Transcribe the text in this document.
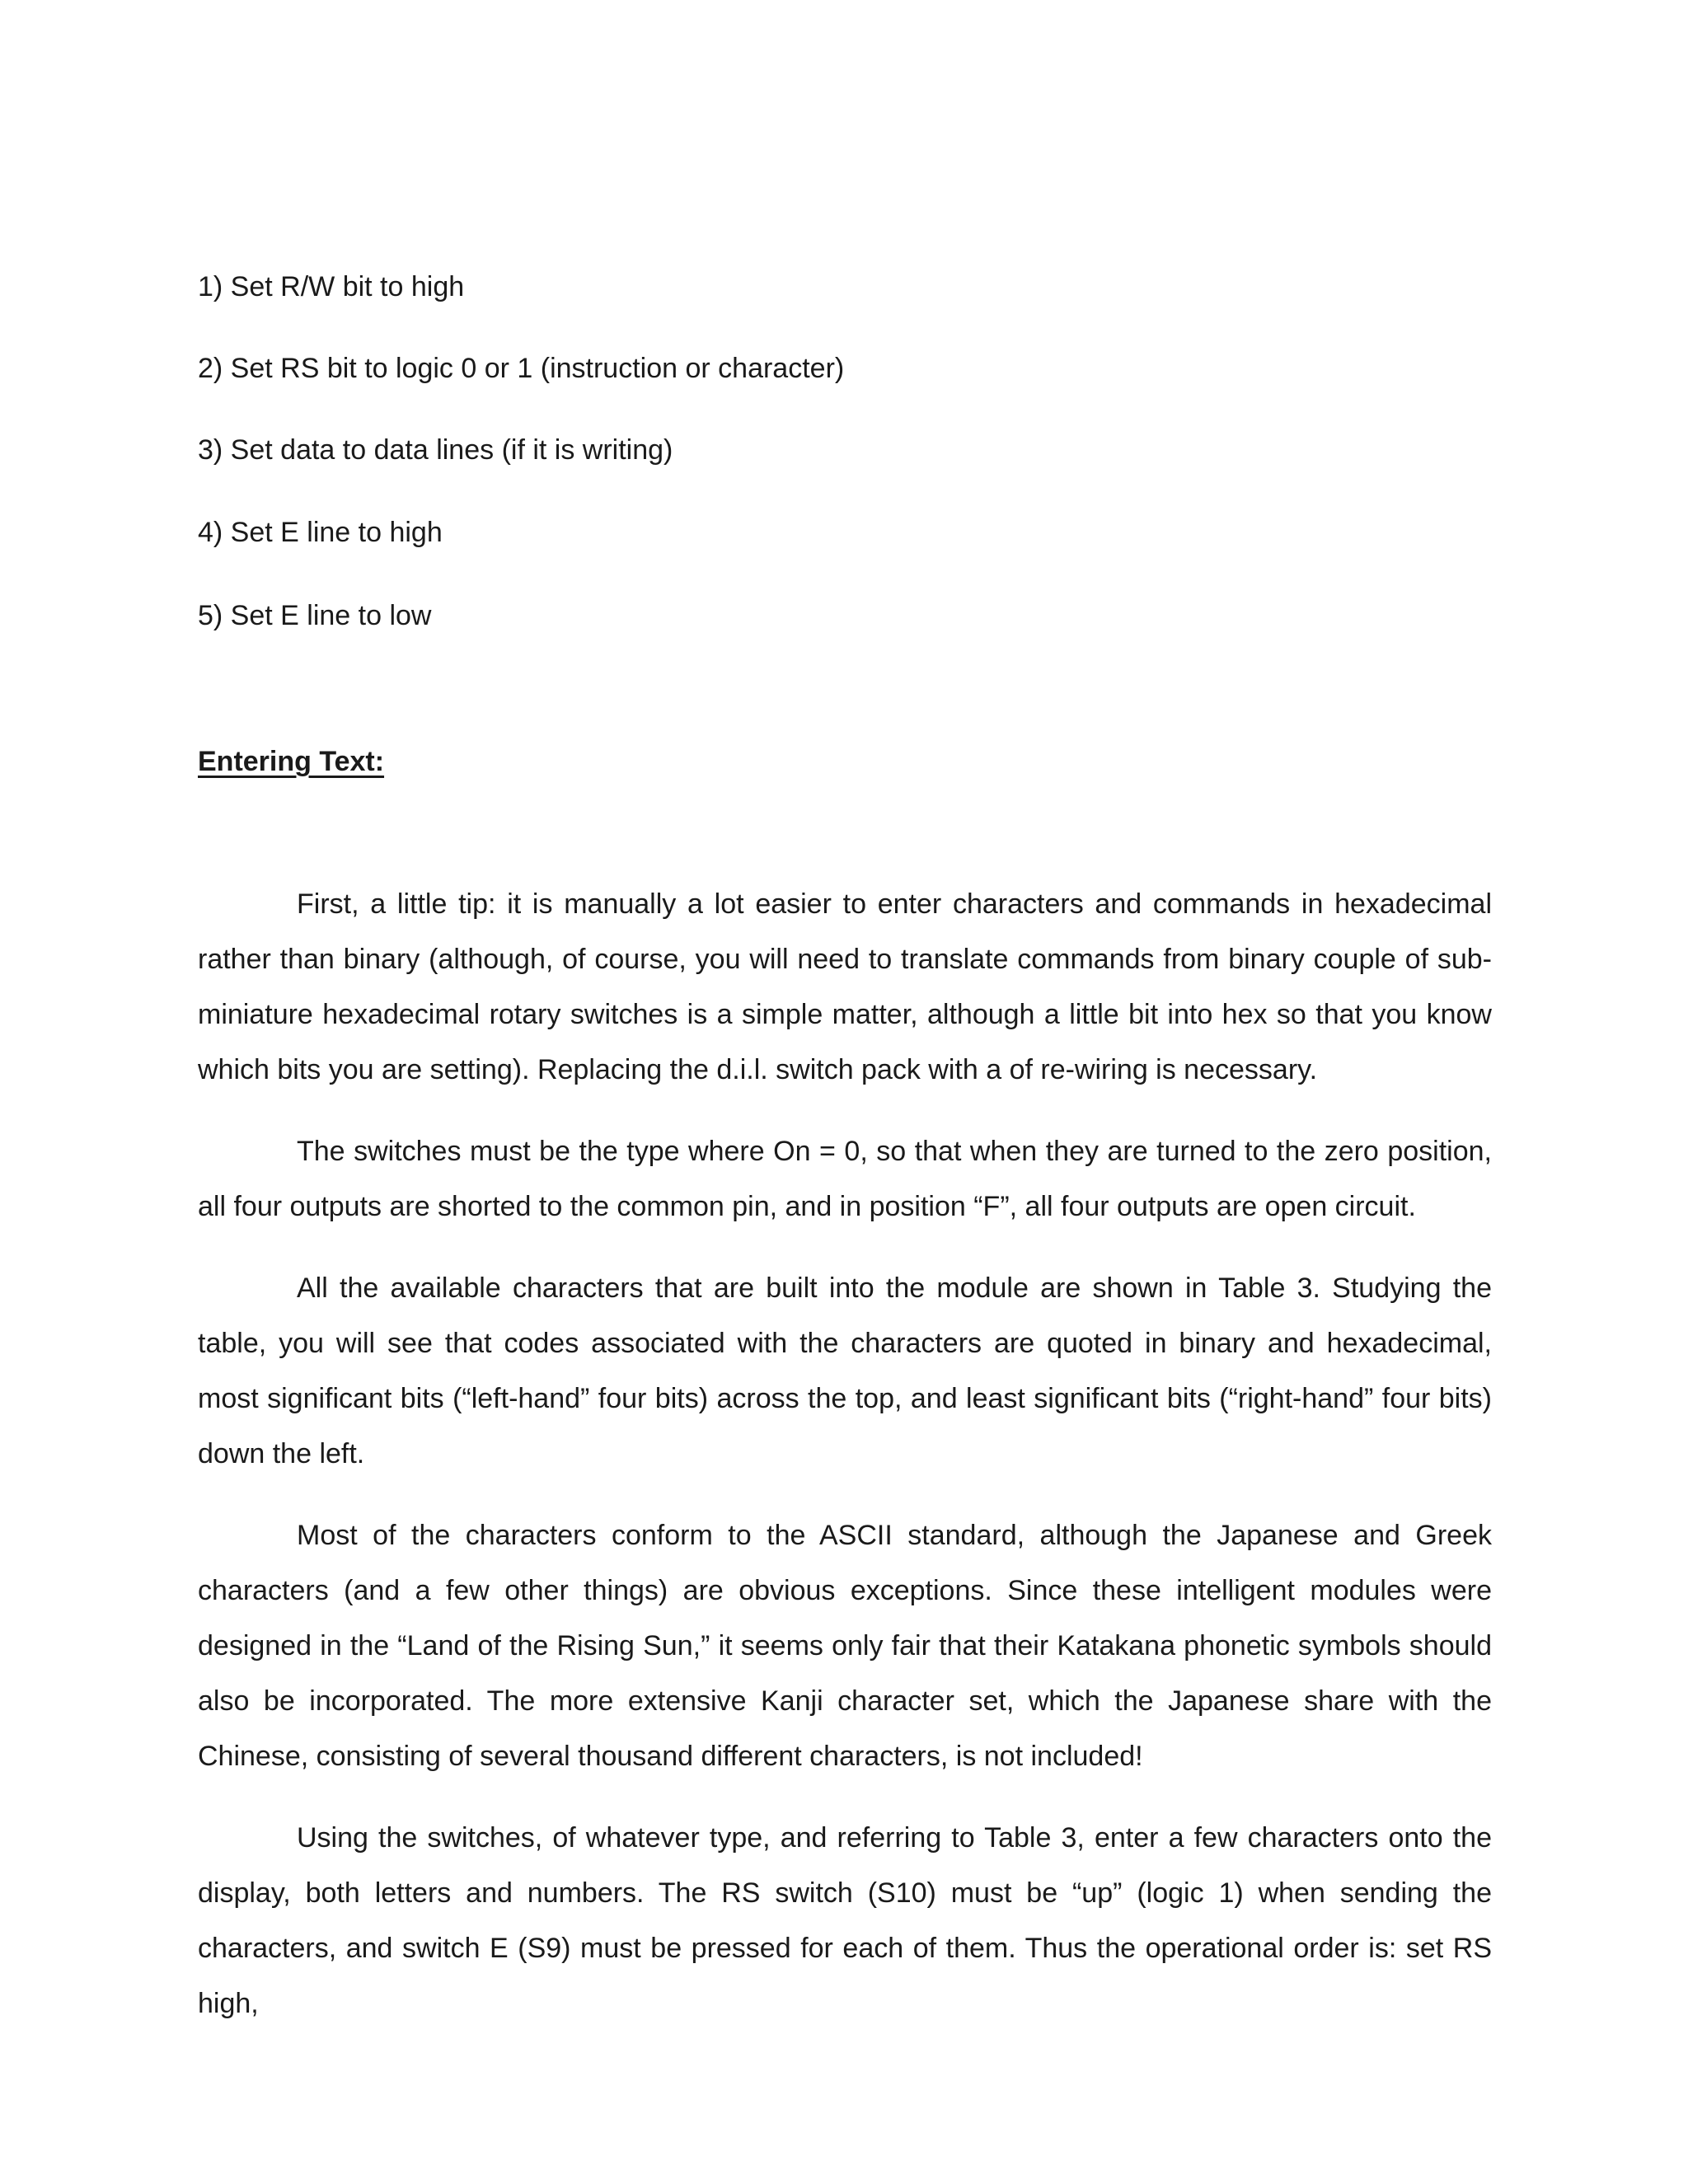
1) Set R/W bit to high
2) Set RS bit to logic 0 or 1 (instruction or character)
3) Set data to data lines (if it is writing)
4) Set E line to high
5) Set E line to low
Entering Text:

First, a little tip: it is manually a lot easier to enter characters and commands in hexadecimal rather than binary (although, of course, you will need to translate commands from binary couple of sub-miniature hexadecimal rotary switches is a simple matter, although a little bit into hex so that you know which bits you are setting). Replacing the d.i.l. switch pack with a of re-wiring is necessary.

The switches must be the type where On = 0, so that when they are turned to the zero position, all four outputs are shorted to the common pin, and in position “F”, all four outputs are open circuit.

All the available characters that are built into the module are shown in Table 3. Studying the table, you will see that codes associated with the characters are quoted in binary and hexadecimal, most significant bits (“left-hand” four bits) across the top, and least significant bits (“right-hand” four bits) down the left.

Most of the characters conform to the ASCII standard, although the Japanese and Greek characters (and a few other things) are obvious exceptions. Since these intelligent modules were designed in the “Land of the Rising Sun,” it seems only fair that their Katakana phonetic symbols should also be incorporated. The more extensive Kanji character set, which the Japanese share with the Chinese, consisting of several thousand different characters, is not included!

Using the switches, of whatever type, and referring to Table 3, enter a few characters onto the display, both letters and numbers. The RS switch (S10) must be “up” (logic 1) when sending the characters, and switch E (S9) must be pressed for each of them. Thus the operational order is: set RS high,
